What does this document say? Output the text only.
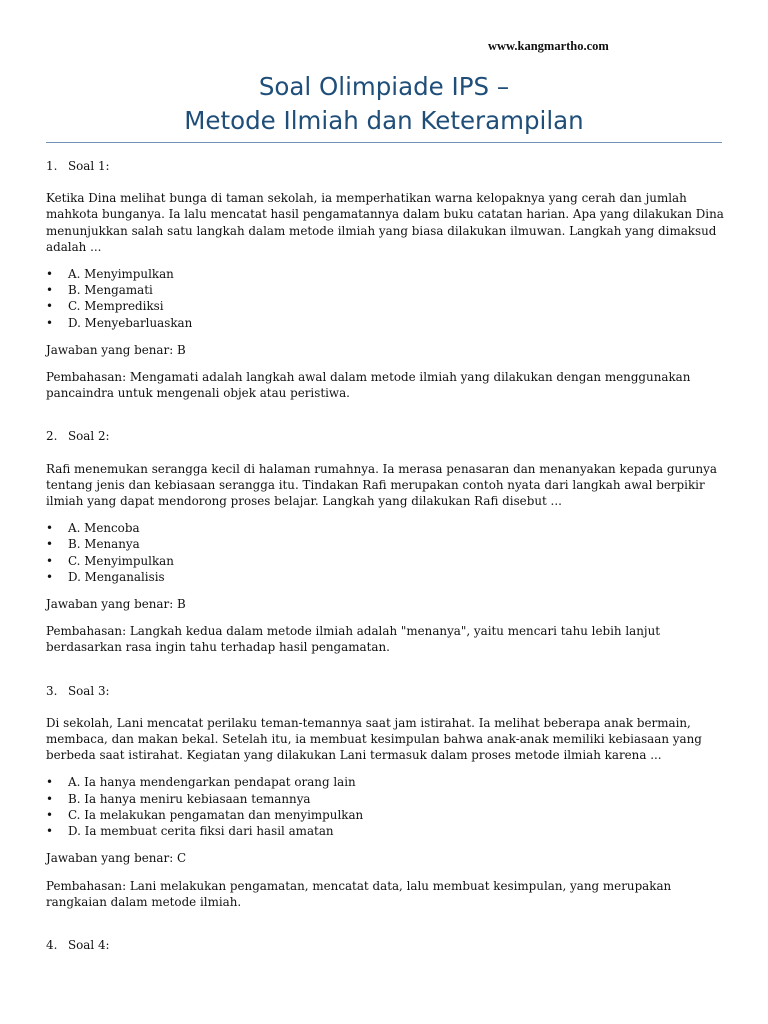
www.kangmartho.com
Soal Olimpiade IPS –
Metode Ilmiah dan Keterampilan
1. Soal 1:
Ketika Dina melihat bunga di taman sekolah, ia memperhatikan warna kelopaknya yang cerah dan jumlah mahkota bunganya. Ia lalu mencatat hasil pengamatannya dalam buku catatan harian. Apa yang dilakukan Dina menunjukkan salah satu langkah dalam metode ilmiah yang biasa dilakukan ilmuwan. Langkah yang dimaksud adalah ...
• A. Menyimpulkan
• B. Mengamati
• C. Memprediksi
• D. Menyebarluaskan
Jawaban yang benar: B
Pembahasan: Mengamati adalah langkah awal dalam metode ilmiah yang dilakukan dengan menggunakan pancaindra untuk mengenali objek atau peristiwa.
2. Soal 2:
Rafi menemukan serangga kecil di halaman rumahnya. Ia merasa penasaran dan menanyakan kepada gurunya tentang jenis dan kebiasaan serangga itu. Tindakan Rafi merupakan contoh nyata dari langkah awal berpikir ilmiah yang dapat mendorong proses belajar. Langkah yang dilakukan Rafi disebut ...
• A. Mencoba
• B. Menanya
• C. Menyimpulkan
• D. Menganalisis
Jawaban yang benar: B
Pembahasan: Langkah kedua dalam metode ilmiah adalah "menanya", yaitu mencari tahu lebih lanjut berdasarkan rasa ingin tahu terhadap hasil pengamatan.
3. Soal 3:
Di sekolah, Lani mencatat perilaku teman-temannya saat jam istirahat. Ia melihat beberapa anak bermain, membaca, dan makan bekal. Setelah itu, ia membuat kesimpulan bahwa anak-anak memiliki kebiasaan yang berbeda saat istirahat. Kegiatan yang dilakukan Lani termasuk dalam proses metode ilmiah karena ...
• A. Ia hanya mendengarkan pendapat orang lain
• B. Ia hanya meniru kebiasaan temannya
• C. Ia melakukan pengamatan dan menyimpulkan
• D. Ia membuat cerita fiksi dari hasil amatan
Jawaban yang benar: C
Pembahasan: Lani melakukan pengamatan, mencatat data, lalu membuat kesimpulan, yang merupakan rangkaian dalam metode ilmiah.
4. Soal 4:
